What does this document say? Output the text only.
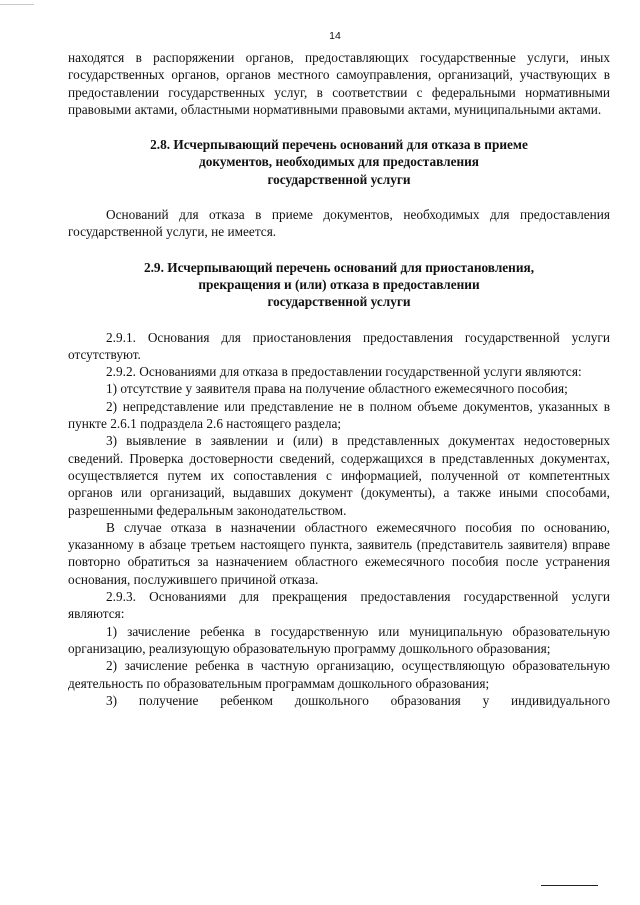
14

находятся в распоряжении органов, предоставляющих государственные услуги, иных государственных органов, органов местного самоуправления, организаций, участвующих в предоставлении государственных услуг, в соответствии с федеральными нормативными правовыми актами, областными нормативными правовыми актами, муниципальными актами.

2.8. Исчерпывающий перечень оснований для отказа в приеме
документов, необходимых для предоставления
государственной услуги

Оснований для отказа в приеме документов, необходимых для предоставления государственной услуги, не имеется.

2.9. Исчерпывающий перечень оснований для приостановления,
прекращения и (или) отказа в предоставлении
государственной услуги

2.9.1. Основания для приостановления предоставления государственной услуги отсутствуют.

2.9.2. Основаниями для отказа в предоставлении государственной услуги являются:

1) отсутствие у заявителя права на получение областного ежемесячного пособия;

2) непредставление или представление не в полном объеме документов, указанных в пункте 2.6.1 подраздела 2.6 настоящего раздела;

3) выявление в заявлении и (или) в представленных документах недостоверных сведений. Проверка достоверности сведений, содержащихся в представленных документах, осуществляется путем их сопоставления с информацией, полученной от компетентных органов или организаций, выдавших документ (документы), а также иными способами, разрешенными федеральным законодательством.

В случае отказа в назначении областного ежемесячного пособия по основанию, указанному в абзаце третьем настоящего пункта, заявитель (представитель заявителя) вправе повторно обратиться за назначением областного ежемесячного пособия после устранения основания, послужившего причиной отказа.

2.9.3. Основаниями для прекращения предоставления государственной услуги являются:

1) зачисление ребенка в государственную или муниципальную образовательную организацию, реализующую образовательную программу дошкольного образования;

2) зачисление ребенка в частную организацию, осуществляющую образовательную деятельность по образовательным программам дошкольного образования;

3) получение ребенком дошкольного образования у индивидуального
